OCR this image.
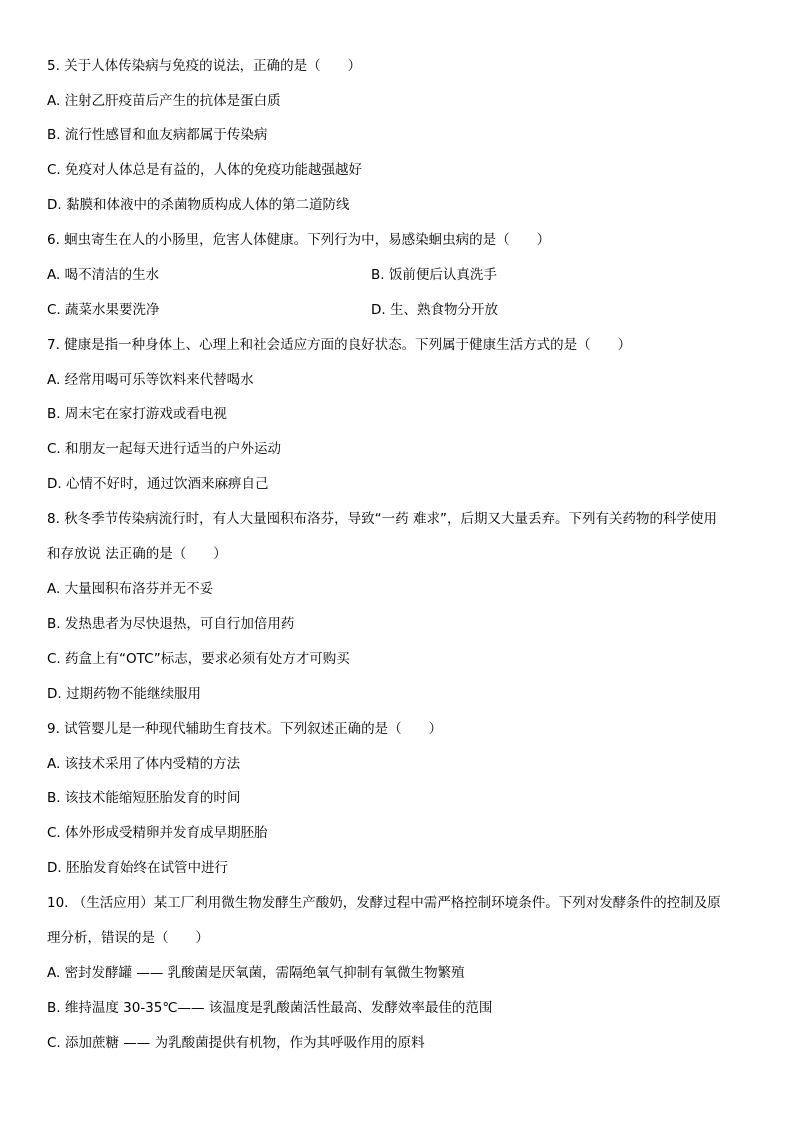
5. 关于人体传染病与免疫的说法，正确的是（　　）
A. 注射乙肝疫苗后产生的抗体是蛋白质
B. 流行性感冒和血友病都属于传染病
C. 免疫对人体总是有益的，人体的免疫功能越强越好
D. 黏膜和体液中的杀菌物质构成人体的第二道防线
6. 蛔虫寄生在人的小肠里，危害人体健康。下列行为中，易感染蛔虫病的是（　　）
A. 喝不清洁的生水	B. 饭前便后认真洗手
C. 蔬菜水果要洗净	D. 生、熟食物分开放
7. 健康是指一种身体上、心理上和社会适应方面的良好状态。下列属于健康生活方式的是（　　）
A. 经常用喝可乐等饮料来代替喝水
B. 周末宅在家打游戏或看电视
C. 和朋友一起每天进行适当的户外运动
D. 心情不好时，通过饮酒来麻痹自己
8. 秋冬季节传染病流行时，有人大量囤积布洛芬，导致“一药 难求”，后期又大量丢弃。下列有关药物的科学使用
和存放说 法正确的是（　　）
A. 大量囤积布洛芬并无不妥
B. 发热患者为尽快退热，可自行加倍用药
C. 药盒上有“OTC”标志，要求必须有处方才可购买
D. 过期药物不能继续服用
9. 试管婴儿是一种现代辅助生育技术。下列叙述正确的是（　　）
A. 该技术采用了体内受精的方法
B. 该技术能缩短胚胎发育的时间
C. 体外形成受精卵并发育成早期胚胎
D. 胚胎发育始终在试管中进行
10. （生活应用）某工厂利用微生物发酵生产酸奶，发酵过程中需严格控制环境条件。下列对发酵条件的控制及原
理分析，错误的是（　　）
A. 密封发酵罐 —— 乳酸菌是厌氧菌，需隔绝氧气抑制有氧微生物繁殖
B. 维持温度 30-35℃—— 该温度是乳酸菌活性最高、发酵效率最佳的范围
C. 添加蔗糖 —— 为乳酸菌提供有机物，作为其呼吸作用的原料
